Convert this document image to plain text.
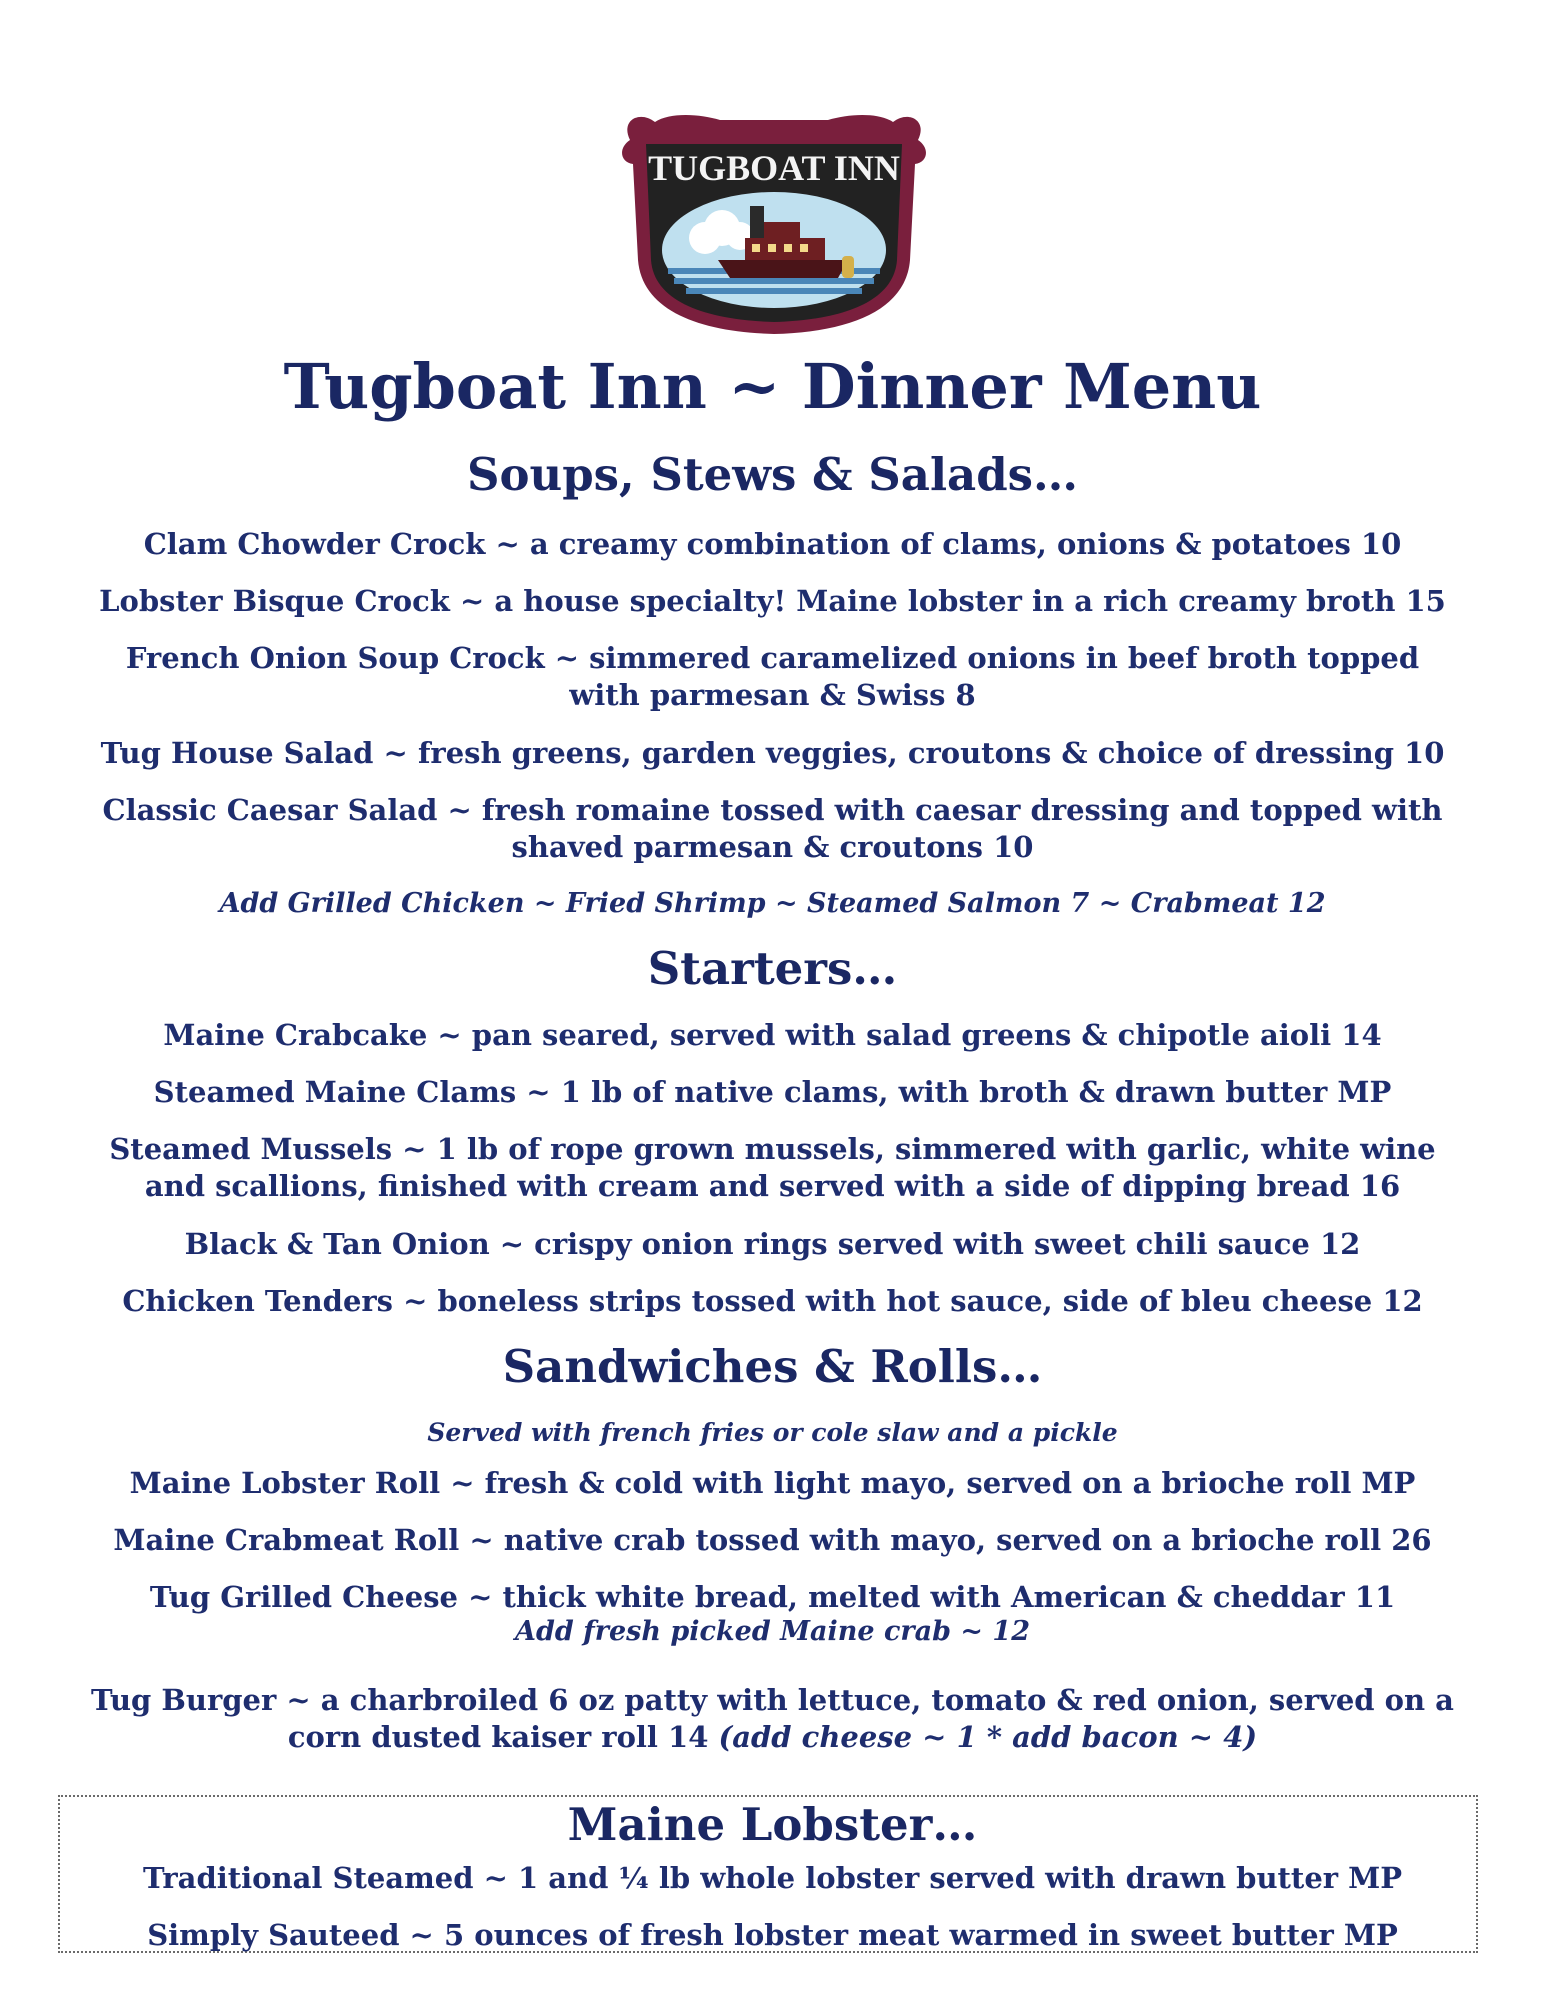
TUGBOAT INN
Tugboat Inn ~ Dinner Menu
Soups, Stews & Salads…
Clam Chowder Crock ~ a creamy combination of clams, onions & potatoes 10
Lobster Bisque Crock ~ a house specialty! Maine lobster in a rich creamy broth 15
French Onion Soup Crock ~ simmered caramelized onions in beef broth topped with parmesan & Swiss 8
Tug House Salad ~ fresh greens, garden veggies, croutons & choice of dressing 10
Classic Caesar Salad ~ fresh romaine tossed with caesar dressing and topped with shaved parmesan & croutons 10
Add Grilled Chicken ~ Fried Shrimp ~ Steamed Salmon 7 ~ Crabmeat 12
Starters…
Maine Crabcake ~ pan seared, served with salad greens & chipotle aioli 14
Steamed Maine Clams ~ 1 lb of native clams, with broth & drawn butter MP
Steamed Mussels ~ 1 lb of rope grown mussels, simmered with garlic, white wine and scallions, finished with cream and served with a side of dipping bread 16
Black & Tan Onion ~ crispy onion rings served with sweet chili sauce 12
Chicken Tenders ~ boneless strips tossed with hot sauce, side of bleu cheese 12
Sandwiches & Rolls…
Served with french fries or cole slaw and a pickle
Maine Lobster Roll ~ fresh & cold with light mayo, served on a brioche roll MP
Maine Crabmeat Roll ~ native crab tossed with mayo, served on a brioche roll 26
Tug Grilled Cheese ~ thick white bread, melted with American & cheddar 11
Add fresh picked Maine crab ~ 12
Tug Burger ~ a charbroiled 6 oz patty with lettuce, tomato & red onion, served on a corn dusted kaiser roll 14 (add cheese ~ 1 * add bacon ~ 4)
Maine Lobster…
Traditional Steamed ~ 1 and ¼ lb whole lobster served with drawn butter MP
Simply Sauteed ~ 5 ounces of fresh lobster meat warmed in sweet butter MP
